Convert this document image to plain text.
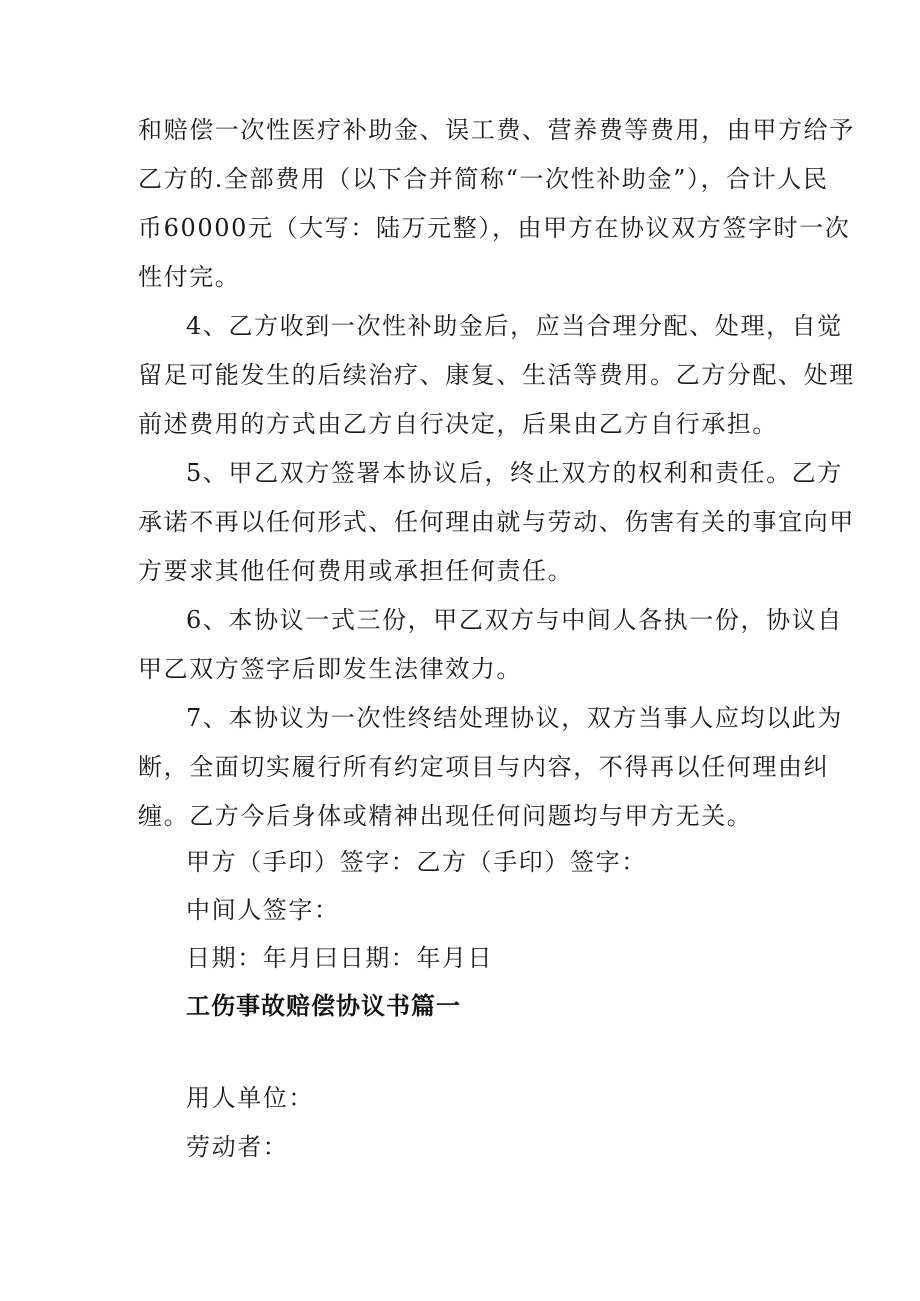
和赔偿一次性医疗补助金、误工费、营养费等费用，由甲方给予
乙方的.全部费用（以下合并简称“一次性补助金”），合计人民
币60000元（大写：陆万元整），由甲方在协议双方签字时一次
性付完。
4、乙方收到一次性补助金后，应当合理分配、处理，自觉
留足可能发生的后续治疗、康复、生活等费用。乙方分配、处理
前述费用的方式由乙方自行决定，后果由乙方自行承担。
5、甲乙双方签署本协议后，终止双方的权利和责任。乙方
承诺不再以任何形式、任何理由就与劳动、伤害有关的事宜向甲
方要求其他任何费用或承担任何责任。
6、本协议一式三份，甲乙双方与中间人各执一份，协议自
甲乙双方签字后即发生法律效力。
7、本协议为一次性终结处理协议，双方当事人应均以此为
断，全面切实履行所有约定项目与内容，不得再以任何理由纠
缠。乙方今后身体或精神出现任何问题均与甲方无关。
甲方（手印）签字：乙方（手印）签字：
中间人签字：
日期：年月曰日期：年月日
工伤事故赔偿协议书篇一
用人单位：
劳动者：
